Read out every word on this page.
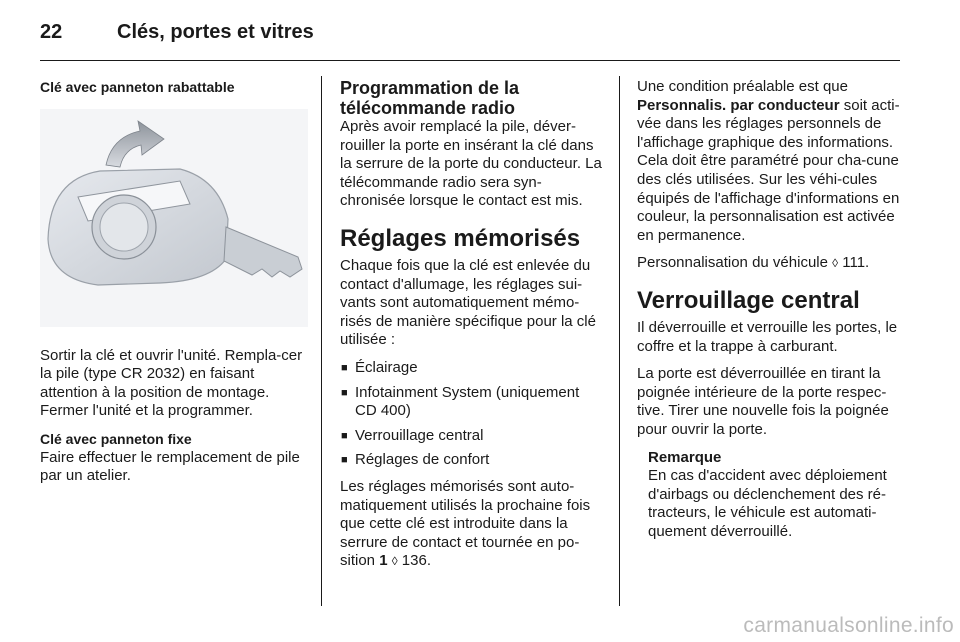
22	Clés, portes et vitres

Clé avec panneton rabattable

Sortir la clé et ouvrir l'unité. Rempla-cer la pile (type CR 2032) en faisant attention à la position de montage. Fermer l'unité et la programmer.

Clé avec panneton fixe

Faire effectuer le remplacement de pile par un atelier.

Programmation de la télécommande radio

Après avoir remplacé la pile, déver-rouiller la porte en insérant la clé dans la serrure de la porte du conducteur. La télécommande radio sera syn-chronisée lorsque le contact est mis.

Réglages mémorisés

Chaque fois que la clé est enlevée du contact d'allumage, les réglages sui-vants sont automatiquement mémo-risés de manière spécifique pour la clé utilisée :

■ Éclairage
■ Infotainment System (uniquement CD 400)
■ Verrouillage central
■ Réglages de confort

Les réglages mémorisés sont auto-matiquement utilisés la prochaine fois que cette clé est introduite dans la serrure de contact et tournée en po-sition 1 ◊ 136.

Une condition préalable est que Personnalis. par conducteur soit acti-vée dans les réglages personnels de l'affichage graphique des informations. Cela doit être paramétré pour cha-cune des clés utilisées. Sur les véhi-cules équipés de l'affichage d'informations en couleur, la personnalisation est activée en permanence.

Personnalisation du véhicule ◊ 111.

Verrouillage central

Il déverrouille et verrouille les portes, le coffre et la trappe à carburant.

La porte est déverrouillée en tirant la poignée intérieure de la porte respec-tive. Tirer une nouvelle fois la poignée pour ouvrir la porte.

Remarque
En cas d'accident avec déploiement d'airbags ou déclenchement des ré-tracteurs, le véhicule est automati-quement déverrouillé.
carmanualsonline.info
